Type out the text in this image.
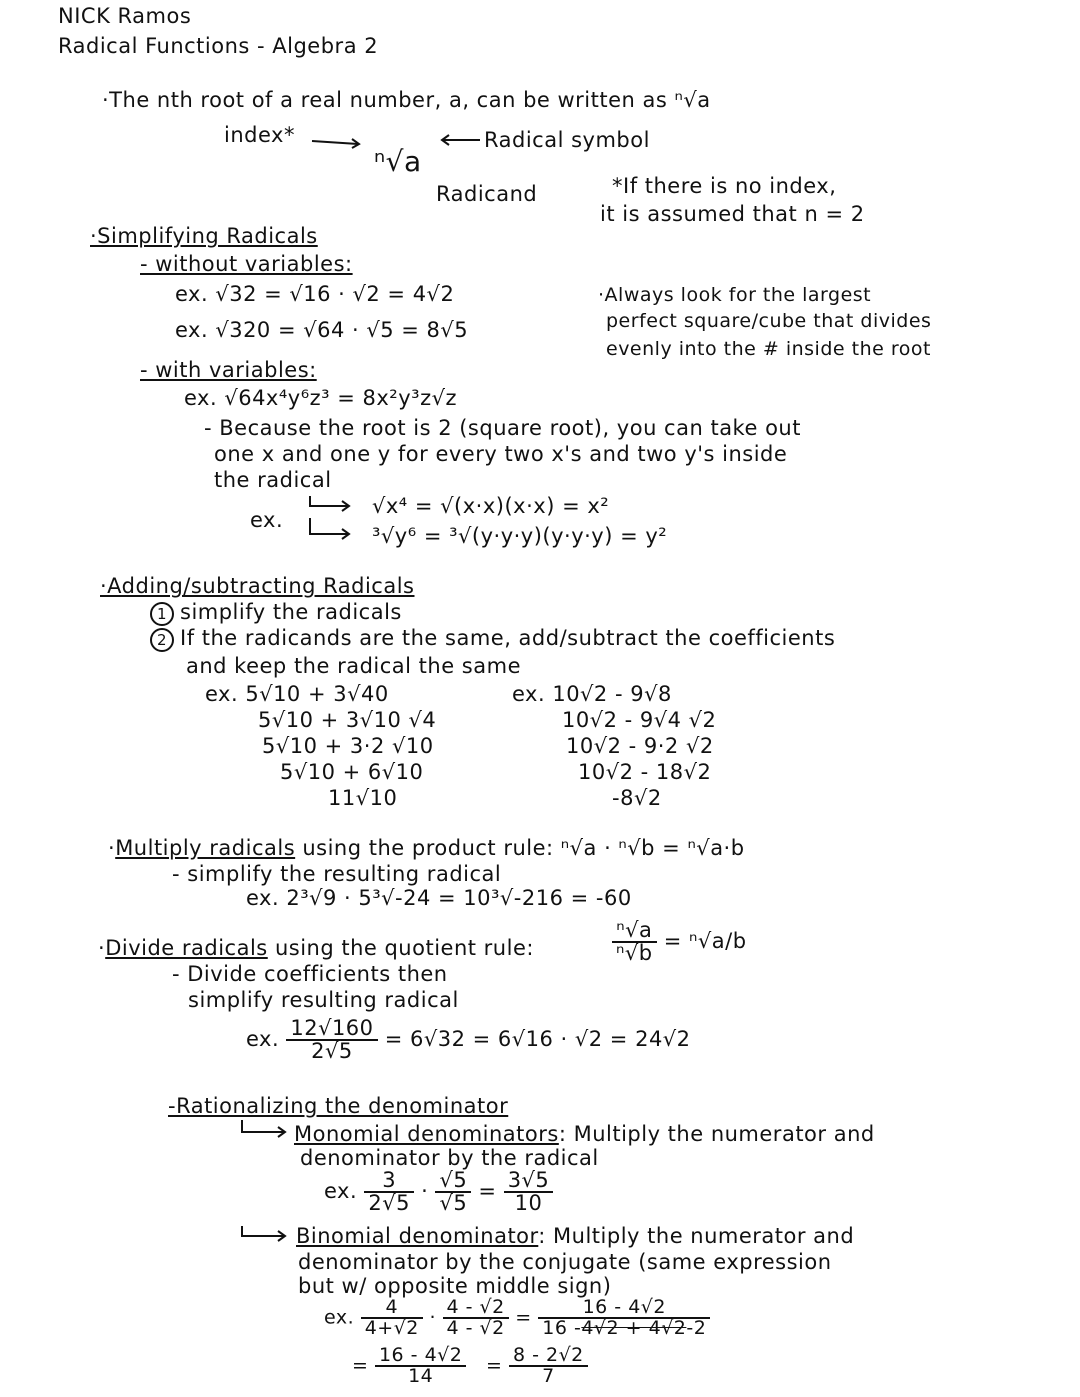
NICK Ramos
Radical Functions - Algebra 2
·The nth root of a real number, a, can be written as ⁿ√a
index*	Radical symbol
ⁿ√a
Radicand	*If there is no index,
it is assumed that n = 2
·Simplifying Radicals
- without variables:
ex. √32 = √16 · √2 = 4√2
ex. √320 = √64 · √5 = 8√5
·Always look for the largest
perfect square/cube that divides
evenly into the # inside the root
- with variables:
ex. √64x⁴y⁶z³ = 8x²y³z√z
- Because the root is 2 (square root), you can take out
one x and one y for every two x's and two y's inside
the radical
ex.
√x⁴ = √(x·x)(x·x) = x²
³√y⁶ = ³√(y·y·y)(y·y·y) = y²
·Adding/subtracting Radicals
1 simplify the radicals
2 If the radicands are the same, add/subtract the coefficients
and keep the radical the same
ex. 5√10 + 3√40
5√10 + 3√10 √4
5√10 + 3·2 √10
5√10 + 6√10
11√10
ex. 10√2 - 9√8
10√2 - 9√4 √2
10√2 - 9·2 √2
10√2 - 18√2
-8√2
·Multiply radicals using the product rule: ⁿ√a · ⁿ√b = ⁿ√a·b
- simplify the resulting radical
ex. 2³√9 · 5³√-24 = 10³√-216 = -60
·Divide radicals using the quotient rule:	$\frac{\text{ⁿ√a}}{\text{ⁿ√b}} = ^n√a/b$
- Divide coefficients then
simplify resulting radical
ex. $\frac{12√160}{2√5} = 6√32 = 6√16 \cdot √2 = 24√2$
-Rationalizing the denominator
Monomial denominators: Multiply the numerator and
denominator by the radical
ex. $\frac{3}{2√5} \cdot \frac{√5}{√5} = \frac{3√5}{10}$
Binomial denominator: Multiply the numerator and
denominator by the conjugate (same expression
but w/ opposite middle sign)
ex. $\frac{4}{4+√2} \cdot \frac{4 - √2}{4 - √2} = \frac{16 - 4√2}{16 -4√2 + 4√2-2}$
= $\frac{16 - 4√2}{14} = \frac{8 - 2√2}{7}$
